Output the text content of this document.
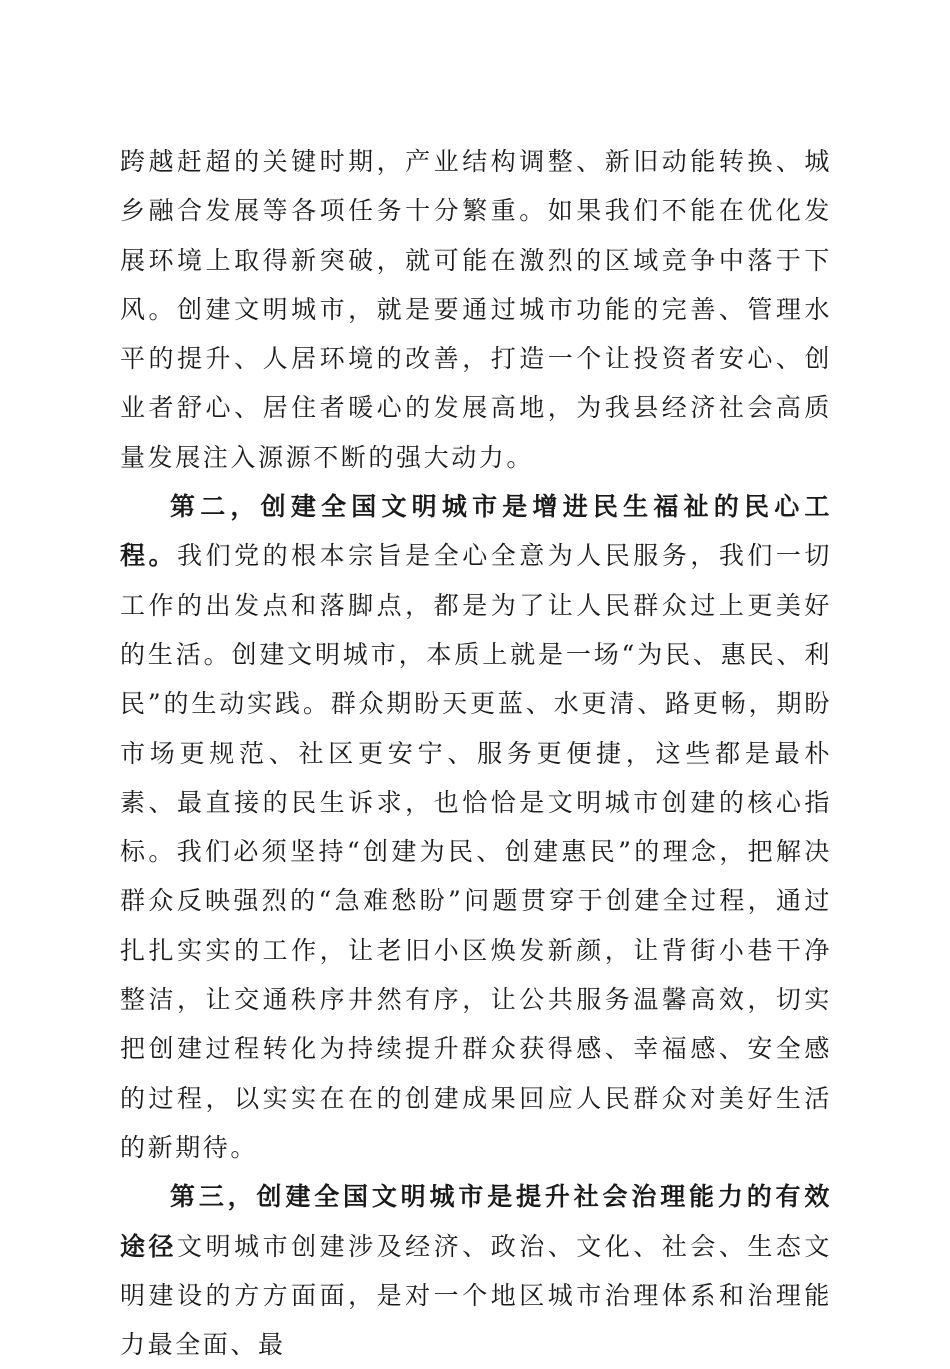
跨越赶超的关键时期，产业结构调整、新旧动能转换、城乡融合发展等各项任务十分繁重。如果我们不能在优化发展环境上取得新突破，就可能在激烈的区域竞争中落于下风。创建文明城市，就是要通过城市功能的完善、管理水平的提升、人居环境的改善，打造一个让投资者安心、创业者舒心、居住者暖心的发展高地，为我县经济社会高质量发展注入源源不断的强大动力。

第二，创建全国文明城市是增进民生福祉的民心工程。我们党的根本宗旨是全心全意为人民服务，我们一切工作的出发点和落脚点，都是为了让人民群众过上更美好的生活。创建文明城市，本质上就是一场“为民、惠民、利民”的生动实践。群众期盼天更蓝、水更清、路更畅，期盼市场更规范、社区更安宁、服务更便捷，这些都是最朴素、最直接的民生诉求，也恰恰是文明城市创建的核心指标。我们必须坚持“创建为民、创建惠民”的理念，把解决群众反映强烈的“急难愁盼”问题贯穿于创建全过程，通过扎扎实实的工作，让老旧小区焕发新颜，让背街小巷干净整洁，让交通秩序井然有序，让公共服务温馨高效，切实把创建过程转化为持续提升群众获得感、幸福感、安全感的过程，以实实在在的创建成果回应人民群众对美好生活的新期待。

第三，创建全国文明城市是提升社会治理能力的有效途径文明城市创建涉及经济、政治、文化、社会、生态文明建设的方方面面，是对一个地区城市治理体系和治理能力最全面、最
